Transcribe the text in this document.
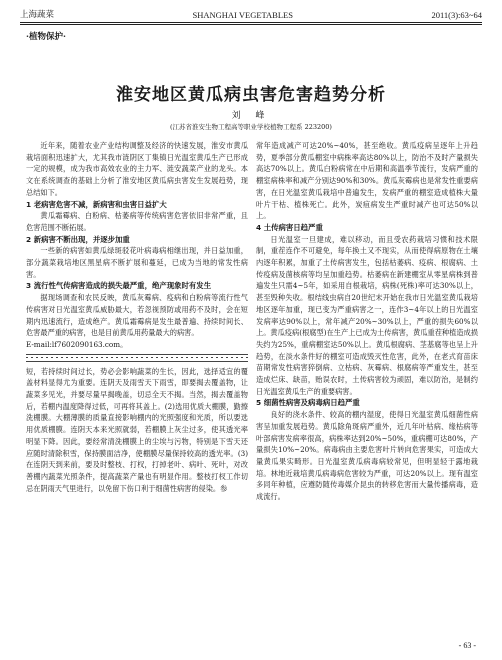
上海蔬菜	SHANGHAI VEGETABLES	2011(3):63~64
·植物保护·
淮安地区黄瓜病虫害危害趋势分析
刘 峰
(江苏省淮安生物工程高等职业学校植物工程系 223200)

近年来，随着农业产业结构调整及经济的快速发展，淮安市黄瓜栽培面积迅速扩大，尤其我市涟阴区丁集镇日光温室黄瓜生产已形成一定的规模，成为我市高效农业的主力军、涟安蔬菜产业的龙头。本文在系统调查的基础上分析了淮安地区黄瓜病虫害发生发展趋势，现总结如下。

1 老病害危害不减，新病害和虫害日益扩大

黄瓜霜霉病、白粉病、枯萎病等传统病害危害依旧非常严重，且危害范围不断拓展。

2 新病害不断出现，并逐步加重

一些新的病害如黄瓜绿斑驳花叶病毒病相继出现，并日益加重，部分蔬菜栽培地区黑星病不断扩展和蔓延，已成为当地的常发性病害。

3 流行性气传病害造成的损失最严重，绝产现象时有发生

据现场调查和农民反映，黄瓜灰霉病、疫病和白粉病等流行性气传病害对日光温室黄瓜威胁最大，若忽视预防或用药不及时，会在短期内迅速流行，造成绝产。黄瓜霜霉病是发生最普遍、持续时间长、危害最严重的病害，也是目前黄瓜用药量最大的病害。

E-mail:lf7602090163.com。

短，若持续时间过长，势必会影响蔬菜的生长，因此，选择适宜的覆盖材料显得尤为重要。连阴天及雨雪天下雨雪，即要揭去覆盖物，让蔬菜多见光，并要尽量早揭晚盖，切忌全天不揭。当然，揭去覆盖物后，若棚内温度降得过低，可再将其盖上。(2)选用优质大棚膜，勤擦洗棚膜。大棚薄膜的质量直接影响棚内的光照强度和光质，所以要选用优质棚膜。连阴天本来光照就弱，若棚膜上灰尘过多，使其透光率明显下降。因此，要经常清洗棚膜上的尘埃与污物，特别是下雪天还应随时清除积雪，保持膜面洁净，使棚膜尽量保持较高的透光率。(3)在连阴天到来前，要及时整枝、打杈，打掉老叶、病叶、死叶，对改善棚内蔬菜光照条件，提高蔬菜产量也有明显作用。整枝打杈工作切忌在阴雨天气里进行，以免留下伤口利于细菌性病害的侵染。参

常年造成减产可达20%~40%，甚至绝收。黄瓜疫病呈逐年上升趋势，夏季部分黄瓜棚室中病株率高达80%以上，防治不及时产量损失高达70%以上。黄瓜白粉病常在中后期和高温季节流行，发病严重的棚室病株率和减产分别达90%和30%。黄瓜灰霉病也是常发性重要病害，在日光温室黄瓜栽培中普遍发生，发病严重的棚室造成植株大量叶片干枯、植株死亡。此外，炭疽病发生严重时减产也可达50%以上。

4 土传病害日趋严重

日光温室一旦建成，难以移动，而且受农药栽培习惯和技术限制，重茬连作不可避免，每年换土又不现实，从而使得病原物在土壤内逐年积累，加重了土传病害发生，包括枯萎病、疫病、根腐病、土传疫病及菌核病等均呈加重趋势。枯萎病在新建棚室从零星病株到普遍发生只需4~5年，如采用自根栽培，病株(死株)率可达30%以上，甚至毁种失收。根结线虫病自20世纪末开始在我市日光温室黄瓜栽培地区逐年加重，现已变为严重病害之一，连作3~4年以上的日光温室发病率达90%以上，常年减产20%~30%以上，严重的损失60%以上。黄瓜疫病(根腐型)在生产上已成为土传病害，黄瓜重茬种植造成损失约为25%，重病棚室达50%以上。黄瓜根腐病、茎基腐等也呈上升趋势，在淡水条件好的棚室可造成毁灭性危害，此外，在老式育苗床苗期常发性病害猝倒病、立枯病、灰霉病、根腐病等严重发生，甚至造成烂床、缺苗，贻误农时，土传病害较为顽固，难以防治，是制约日光温室黄瓜生产的重要病害。

5 细菌性病害及病毒病日趋严重

良好的浇水条件、较高的棚内湿度，使得日光温室黄瓜细菌性病害呈加重发展趋势。黄瓜除角斑病严重外，近几年叶枯病、缘枯病等叶部病害发病率很高，病株率达到20%~50%，重病棚可达80%，产量损失10%~20%。病毒病由主要危害叶片转向危害果实，可造成大量黄瓜果实畸形。日光温室黄瓜病毒病较常见，但明显轻于露地栽培。林地近栽培黄瓜病毒病危害较为严重，可达20%以上。现有温室多同年种植，应遵防随传毒媒介昆虫的转移危害而大量传播病毒，造成流行。

- 63 -
